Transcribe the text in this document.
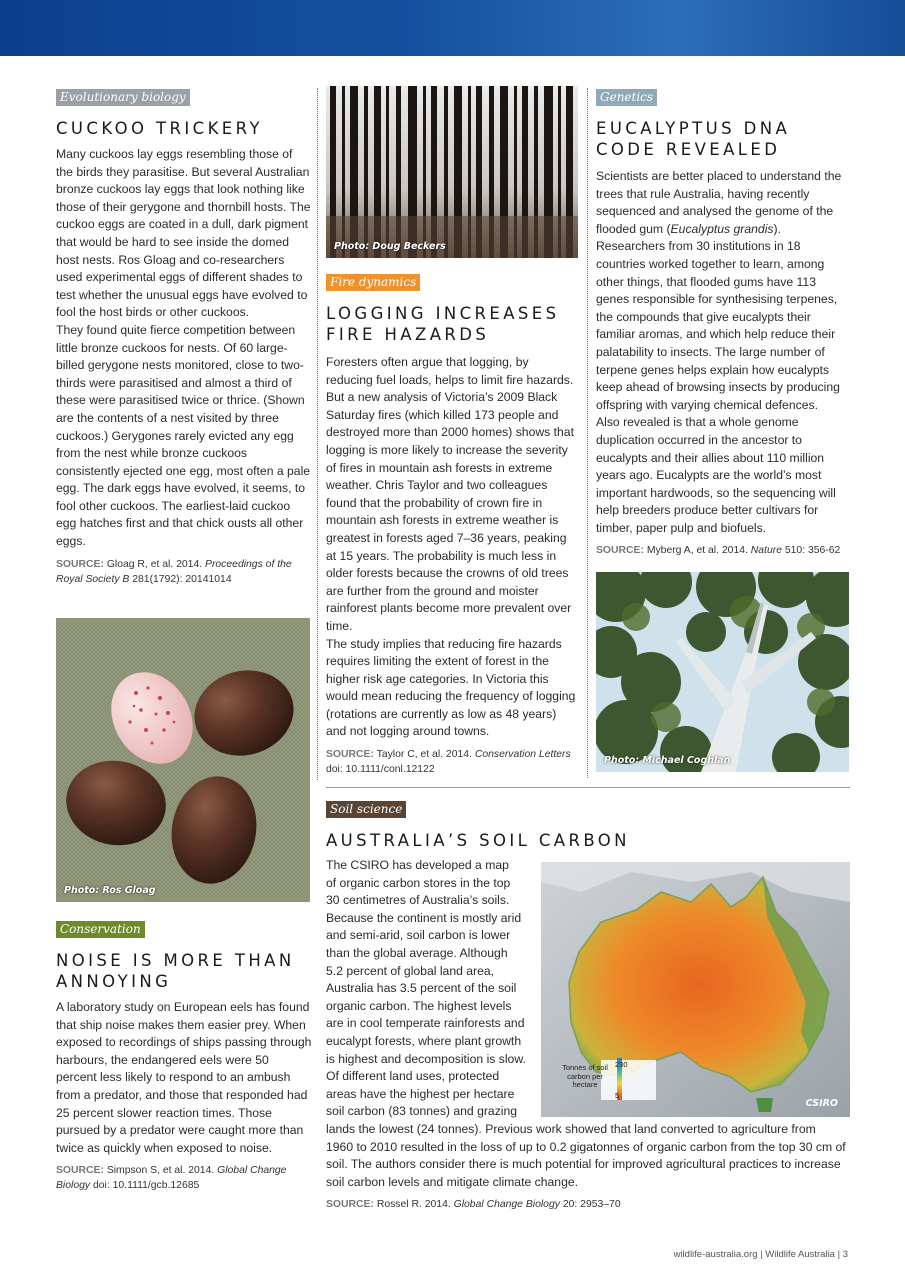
Evolutionary biology
CUCKOO TRICKERY

Many cuckoos lay eggs resembling those of the birds they parasitise. But several Australian bronze cuckoos lay eggs that look nothing like those of their gerygone and thornbill hosts. The cuckoo eggs are coated in a dull, dark pigment that would be hard to see inside the domed host nests. Ros Gloag and co-researchers used experimental eggs of different shades to test whether the unusual eggs have evolved to fool the host birds or other cuckoos.

They found quite fierce competition between little bronze cuckoos for nests. Of 60 large-billed gerygone nests monitored, close to two-thirds were parasitised and almost a third of these were parasitised twice or thrice. (Shown are the contents of a nest visited by three cuckoos.) Gerygones rarely evicted any egg from the nest while bronze cuckoos consistently ejected one egg, most often a pale egg. The dark eggs have evolved, it seems, to fool other cuckoos. The earliest-laid cuckoo egg hatches first and that chick ousts all other eggs.

SOURCE: Gloag R, et al. 2014. Proceedings of the Royal Society B 281(1792): 20141014

Photo: Ros Gloag
Conservation
NOISE IS MORE THAN ANNOYING

A laboratory study on European eels has found that ship noise makes them easier prey. When exposed to recordings of ships passing through harbours, the endangered eels were 50 percent less likely to respond to an ambush from a predator, and those that responded had 25 percent slower reaction times. Those pursued by a predator were caught more than twice as quickly when exposed to noise.

SOURCE: Simpson S, et al. 2014. Global Change Biology doi: 10.1111/gcb.12685

Photo: Doug Beckers
Fire dynamics
LOGGING INCREASES FIRE HAZARDS

Foresters often argue that logging, by reducing fuel loads, helps to limit fire hazards. But a new analysis of Victoria’s 2009 Black Saturday fires (which killed 173 people and destroyed more than 2000 homes) shows that logging is more likely to increase the severity of fires in mountain ash forests in extreme weather. Chris Taylor and two colleagues found that the probability of crown fire in mountain ash forests in extreme weather is greatest in forests aged 7–36 years, peaking at 15 years. The probability is much less in older forests because the crowns of old trees are further from the ground and moister rainforest plants become more prevalent over time.

The study implies that reducing fire hazards requires limiting the extent of forest in the higher risk age categories. In Victoria this would mean reducing the frequency of logging (rotations are currently as low as 48 years) and not logging around towns.

SOURCE: Taylor C, et al. 2014. Conservation Letters
doi: 10.1111/conl.12122

Genetics
EUCALYPTUS DNA CODE REVEALED

Scientists are better placed to understand the trees that rule Australia, having recently sequenced and analysed the genome of the flooded gum (Eucalyptus grandis). Researchers from 30 institutions in 18 countries worked together to learn, among other things, that flooded gums have 113 genes responsible for synthesising terpenes, the compounds that give eucalypts their familiar aromas, and which help reduce their palatability to insects. The large number of terpene genes helps explain how eucalypts keep ahead of browsing insects by producing offspring with varying chemical defences.

Also revealed is that a whole genome duplication occurred in the ancestor to eucalypts and their allies about 110 million years ago. Eucalypts are the world’s most important hardwoods, so the sequencing will help breeders produce better cultivars for timber, paper pulp and biofuels.

SOURCE: Myberg A, et al. 2014. Nature 510: 356-62

Photo: Michael Coghlan
Soil science
AUSTRALIA’S SOIL CARBON
The CSIRO has developed a map
of organic carbon stores in the top
30 centimetres of Australia’s soils.
Because the continent is mostly arid
and semi-arid, soil carbon is lower
than the global average. Although
5.2 percent of global land area,
Australia has 3.5 percent of the soil
organic carbon. The highest levels
are in cool temperate rainforests and
eucalypt forests, where plant growth
is highest and decomposition is slow.
Of different land uses, protected
areas have the highest per hectare
soil carbon (83 tonnes) and grazing

lands the lowest (24 tonnes). Previous work showed that land converted to agriculture from 1960 to 2010 resulted in the loss of up to 0.2 gigatonnes of organic carbon from the top 30 cm of soil. The authors consider there is much potential for improved agricultural practices to increase soil carbon levels and mitigate climate change.

SOURCE: Rossel R. 2014. Global Change Biology 20: 2953–70

Tonnes of soil carbon per hectare
230
5
CSIRO
wildlife-australia.org | Wildlife Australia | 3
